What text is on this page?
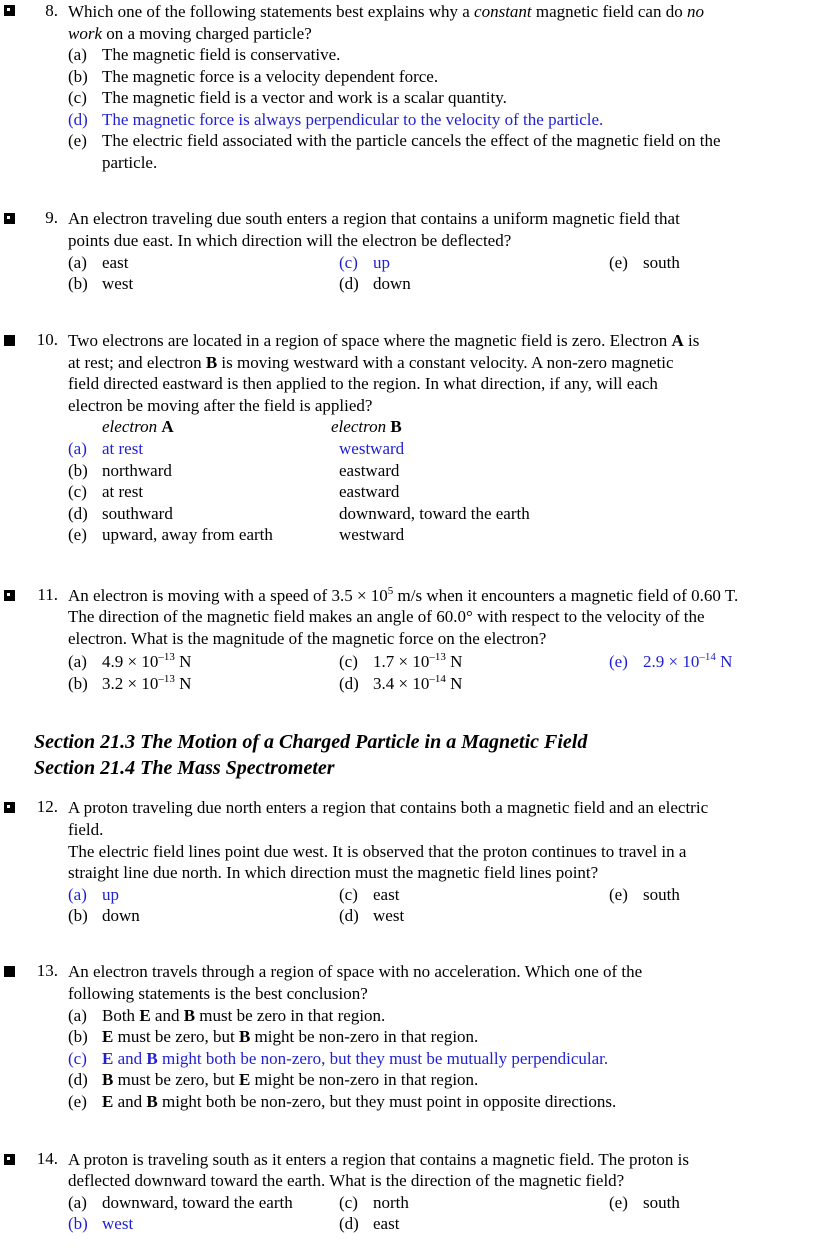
8. Which one of the following statements best explains why a constant magnetic field can do no
work on a moving charged particle?
(a) The magnetic field is conservative.
(b) The magnetic force is a velocity dependent force.
(c) The magnetic field is a vector and work is a scalar quantity.
(d) The magnetic force is always perpendicular to the velocity of the particle.
(e) The electric field associated with the particle cancels the effect of the magnetic field on the
particle.
9. An electron traveling due south enters a region that contains a uniform magnetic field that
points due east. In which direction will the electron be deflected?
(a) east
(b) west
(c) up
(d) down
(e) south
10. Two electrons are located in a region of space where the magnetic field is zero. Electron A is
at rest; and electron B is moving westward with a constant velocity. A non-zero magnetic
field directed eastward is then applied to the region. In what direction, if any, will each
electron be moving after the field is applied?
electron A	electron B
(a) at rest	westward
(b) northward	eastward
(c) at rest	eastward
(d) southward	downward, toward the earth
(e) upward, away from earth	westward
11. An electron is moving with a speed of $3.5 \times 10^5$ m/s when it encounters a magnetic field of 0.60 T.
The direction of the magnetic field makes an angle of 60.0° with respect to the velocity of the
electron. What is the magnitude of the magnetic force on the electron?
(a) $4.9 \times 10^{-13}$ N
(b) $3.2 \times 10^{-13}$ N
(c) $1.7 \times 10^{-13}$ N
(d) $3.4 \times 10^{-14}$ N
(e) $2.9 \times 10^{-14}$ N
Section 21.3 The Motion of a Charged Particle in a Magnetic Field
Section 21.4 The Mass Spectrometer
12. A proton traveling due north enters a region that contains both a magnetic field and an electric
field.
The electric field lines point due west. It is observed that the proton continues to travel in a
straight line due north. In which direction must the magnetic field lines point?
(a) up
(b) down
(c) east
(d) west
(e) south
13. An electron travels through a region of space with no acceleration. Which one of the
following statements is the best conclusion?
(a) Both E and B must be zero in that region.
(b) E must be zero, but B might be non-zero in that region.
(c) E and B might both be non-zero, but they must be mutually perpendicular.
(d) B must be zero, but E might be non-zero in that region.
(e) E and B might both be non-zero, but they must point in opposite directions.
14. A proton is traveling south as it enters a region that contains a magnetic field. The proton is
deflected downward toward the earth. What is the direction of the magnetic field?
(a) downward, toward the earth
(b) west
(c) north
(d) east
(e) south
